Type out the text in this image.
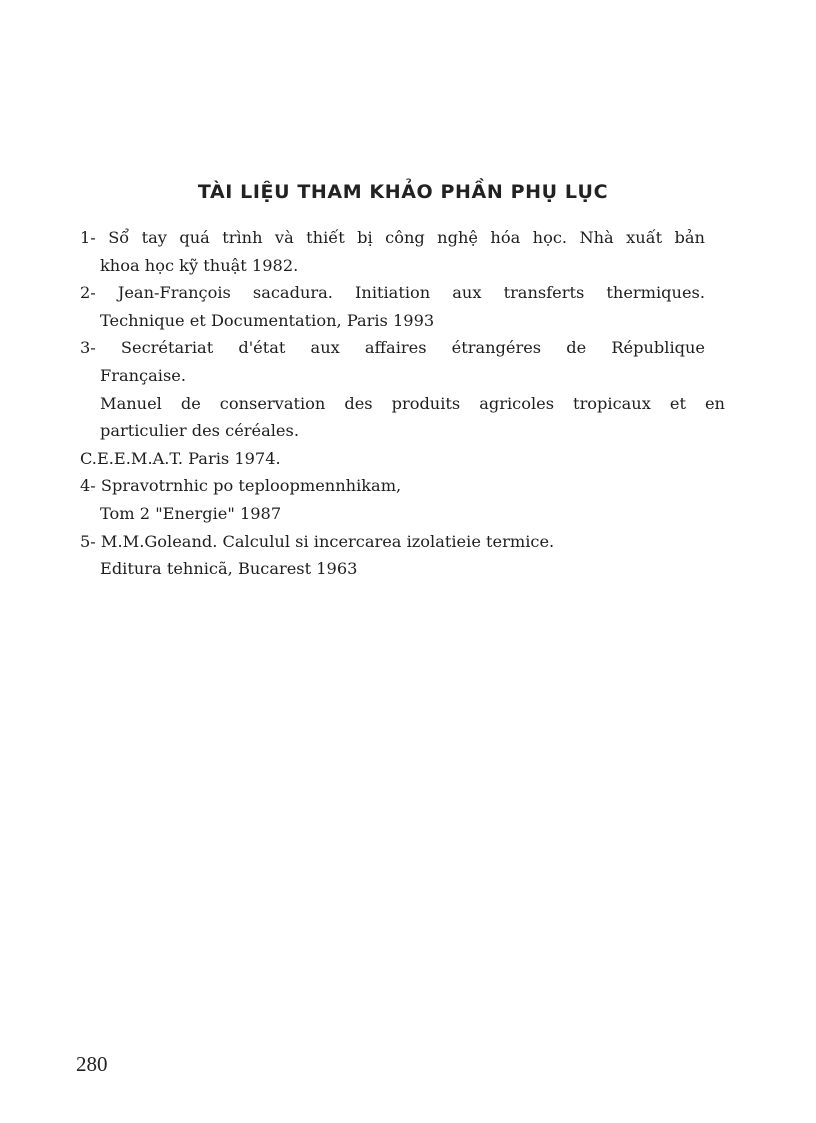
TÀI LIỆU THAM KHẢO PHẦN PHỤ LỤC
1- Sổ tay quá trình và thiết bị công nghệ hóa học. Nhà xuất bản
khoa học kỹ thuật 1982.
2- Jean-François sacadura. Initiation aux transferts thermiques.
Technique et Documentation, Paris 1993
3- Secrétariat d'état aux affaires étrangéres de République
Française.
Manuel de conservation des produits agricoles tropicaux et en
particulier des céréales.
C.E.E.M.A.T. Paris 1974.
4- Spravotrnhic po teploopmennhikam,
Tom 2 "Energie" 1987
5- M.M.Goleand. Calculul si incercarea izolatieie termice.
Editura tehnicã, Bucarest 1963
280
